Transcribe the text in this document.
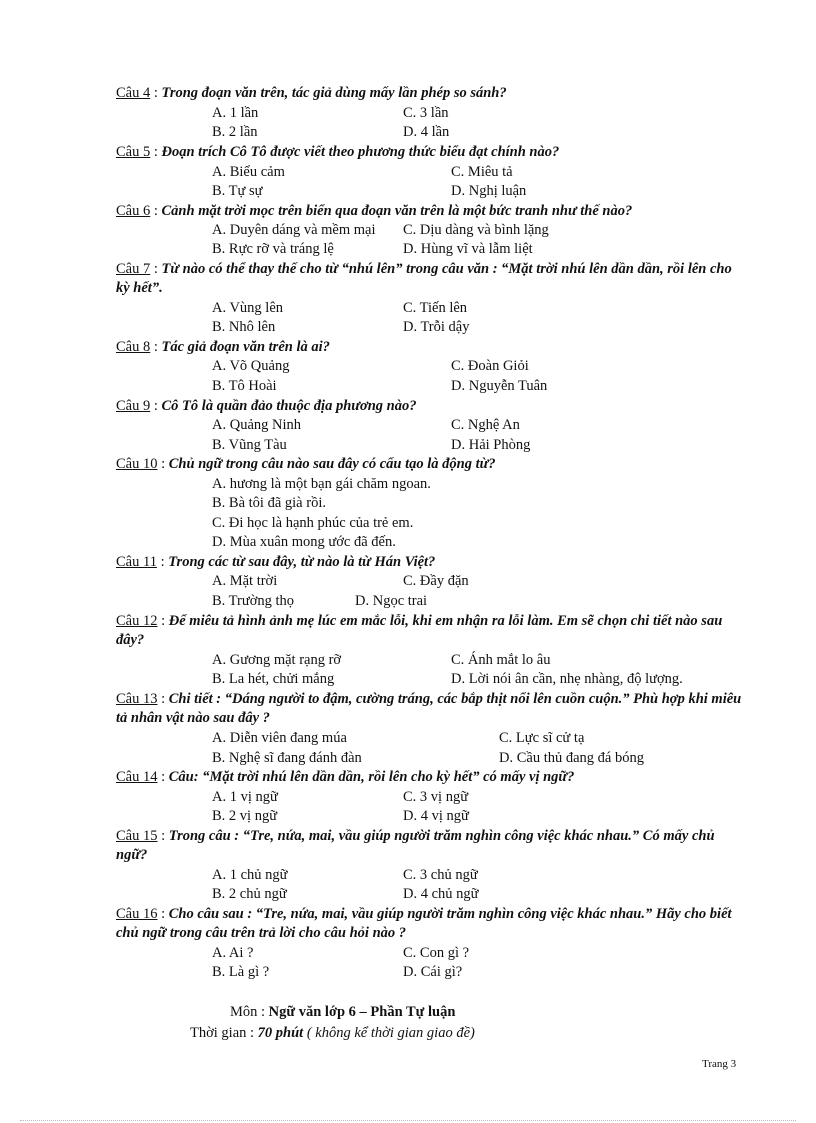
Câu 4 : Trong đoạn văn trên, tác giả dùng mấy lần phép so sánh?
A. 1 lần
B. 2 lần
C. 3 lần
D. 4 lần
Câu 5 : Đoạn trích Cô Tô được viết theo phương thức biểu đạt chính nào?
A. Biểu cảm
B. Tự sự
C. Miêu tả
D. Nghị luận
Câu 6 : Cảnh mặt trời mọc trên biển qua đoạn văn trên là một bức tranh như thế nào?
A. Duyên dáng và mềm mại
B. Rực rỡ và tráng lệ
C. Dịu dàng và bình lặng
D. Hùng vĩ và lẫm liệt
Câu 7 : Từ nào có thể thay thế cho từ “nhú lên” trong câu văn : “Mặt trời nhú lên dần dần, rồi lên cho kỳ hết”.
A. Vùng lên
B. Nhô lên
C. Tiến lên
D. Trỗi dậy
Câu 8 : Tác giả đoạn văn trên là ai?
A. Võ Quảng
B. Tô Hoài
C. Đoàn Giỏi
D. Nguyễn Tuân
Câu 9 : Cô Tô là quần đảo thuộc địa phương nào?
A. Quảng Ninh
B. Vũng Tàu
C. Nghệ An
D. Hải Phòng
Câu 10 : Chủ ngữ trong câu nào sau đây có cấu tạo là động từ?
A. hương là một bạn gái chăm ngoan.
B. Bà tôi đã già rồi.
C. Đi học là hạnh phúc của trẻ em.
D. Mùa xuân mong ước đã đến.
Câu 11 : Trong các từ sau đây, từ nào là từ Hán Việt?
A. Mặt trời
B. Trường thọ
C. Đầy đặn
D. Ngọc trai
Câu 12 : Để miêu tả hình ảnh mẹ lúc em mắc lỗi, khi em nhận ra lỗi làm. Em sẽ chọn chi tiết nào sau đây?
A. Gương mặt rạng rỡ
B. La hét, chửi mắng
C. Ánh mắt lo âu
D. Lời nói ân cần, nhẹ nhàng, độ lượng.
Câu 13 : Chi tiết : “Dáng người to đậm, cường tráng, các bắp thịt nổi lên cuồn cuộn.” Phù hợp khi miêu tả nhân vật nào sau đây ?
A. Diễn viên đang múa
B. Nghệ sĩ đang đánh đàn
C. Lực sĩ cử tạ
D. Cầu thủ đang đá bóng
Câu 14 : Câu: “Mặt trời nhú lên dần dần, rồi lên cho kỳ hết” có mấy vị ngữ?
A. 1 vị ngữ
B. 2 vị ngữ
C. 3 vị ngữ
D. 4 vị ngữ
Câu 15 : Trong câu : “Tre, nứa, mai, vầu giúp người trăm nghìn công việc khác nhau.” Có mấy chủ ngữ?
A. 1 chủ ngữ
B. 2 chủ ngữ
C. 3 chủ ngữ
D. 4 chủ ngữ
Câu 16 : Cho câu sau : “Tre, nứa, mai, vầu giúp người trăm nghìn công việc khác nhau.” Hãy cho biết chủ ngữ trong câu trên trả lời cho câu hỏi nào ?
A. Ai ?
B. Là gì ?
C. Con gì ?
D. Cái gì?
Môn : Ngữ văn lớp 6 – Phần Tự luận
Thời gian : 70 phút ( không kể thời gian giao đề)
Trang 3
